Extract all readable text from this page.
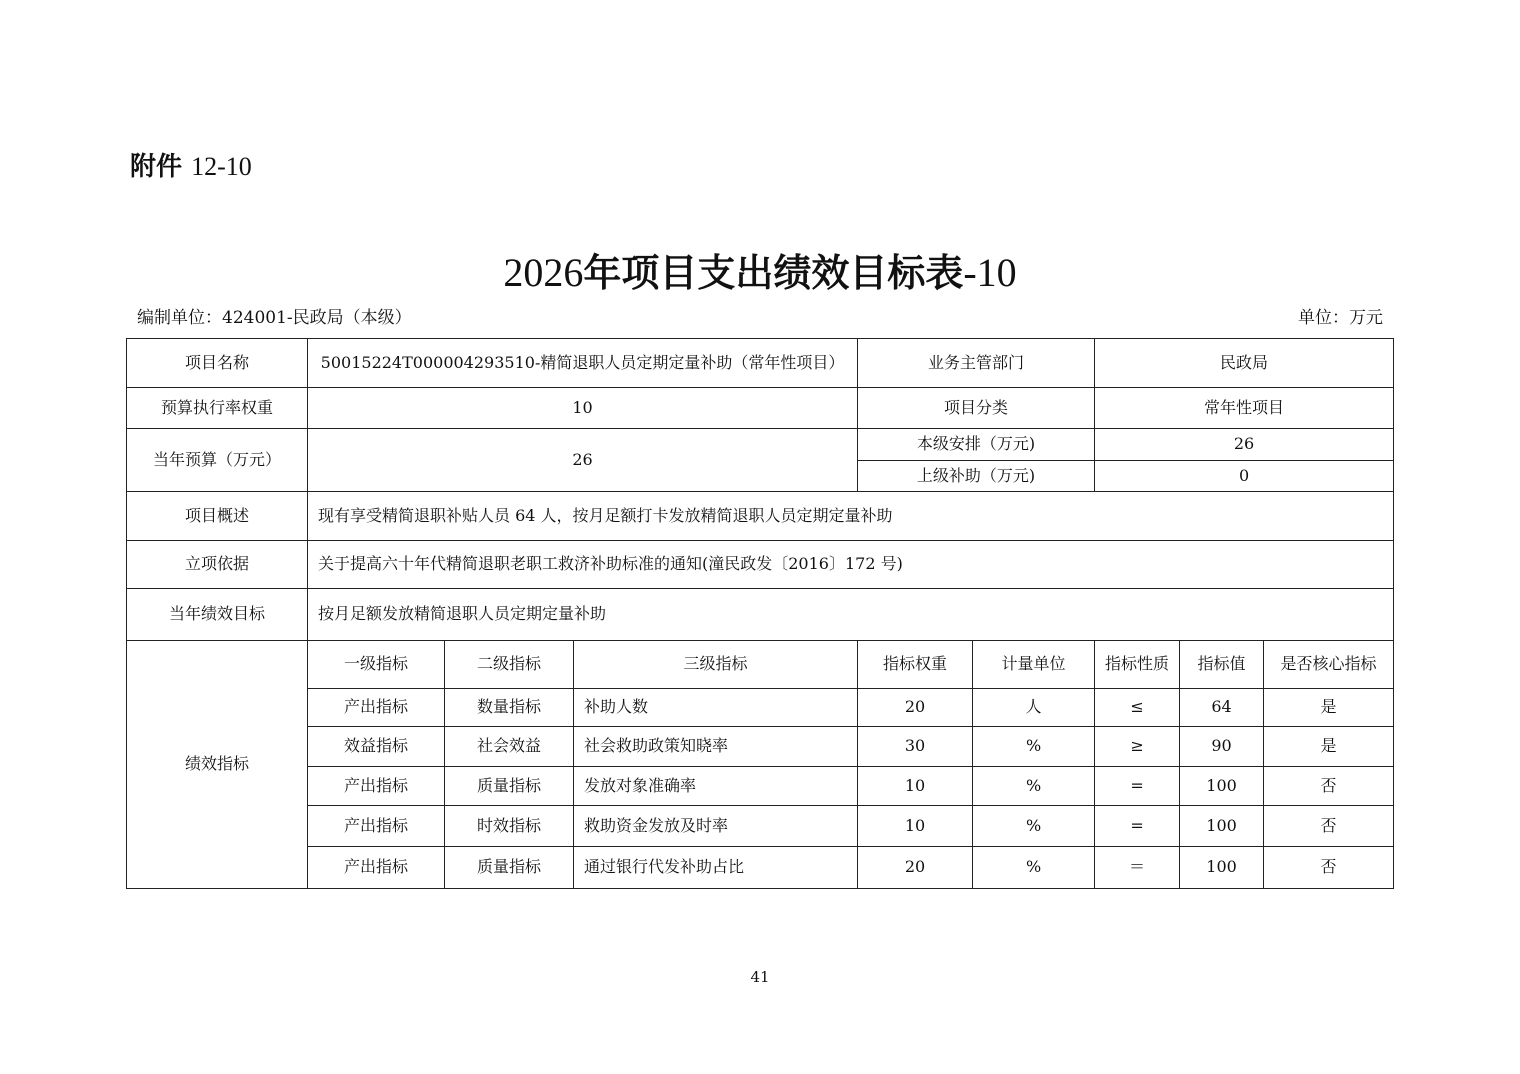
附件 12-10
2026年项目支出绩效目标表-10
编制单位：424001-民政局（本级）	单位：万元
项目名称	50015224T000004293510-精简退职人员定期定量补助（常年性项目）			业务主管部门		民政局		
预算执行率权重	10			项目分类		常年性项目		
当年预算（万元）	26			本级安排（万元)		26		
				上级补助（万元)		0		
项目概述	现有享受精简退职补贴人员 64 人，按月足额打卡发放精简退职人员定期定量补助							
立项依据	关于提高六十年代精简退职老职工救济补助标准的通知(潼民政发〔2016〕172 号)							
当年绩效目标	按月足额发放精简退职人员定期定量补助							
绩效指标	一级指标	二级指标	三级指标	指标权重	计量单位	指标性质	指标值	是否核心指标
	产出指标	数量指标	补助人数	20	人	≤	64	是
	效益指标	社会效益	社会救助政策知晓率	30	%	≥	90	是
	产出指标	质量指标	发放对象准确率	10	%	=	100	否
	产出指标	时效指标	救助资金发放及时率	10	%	=	100	否
	产出指标	质量指标	通过银行代发补助占比	20	%	＝	100	否
41
